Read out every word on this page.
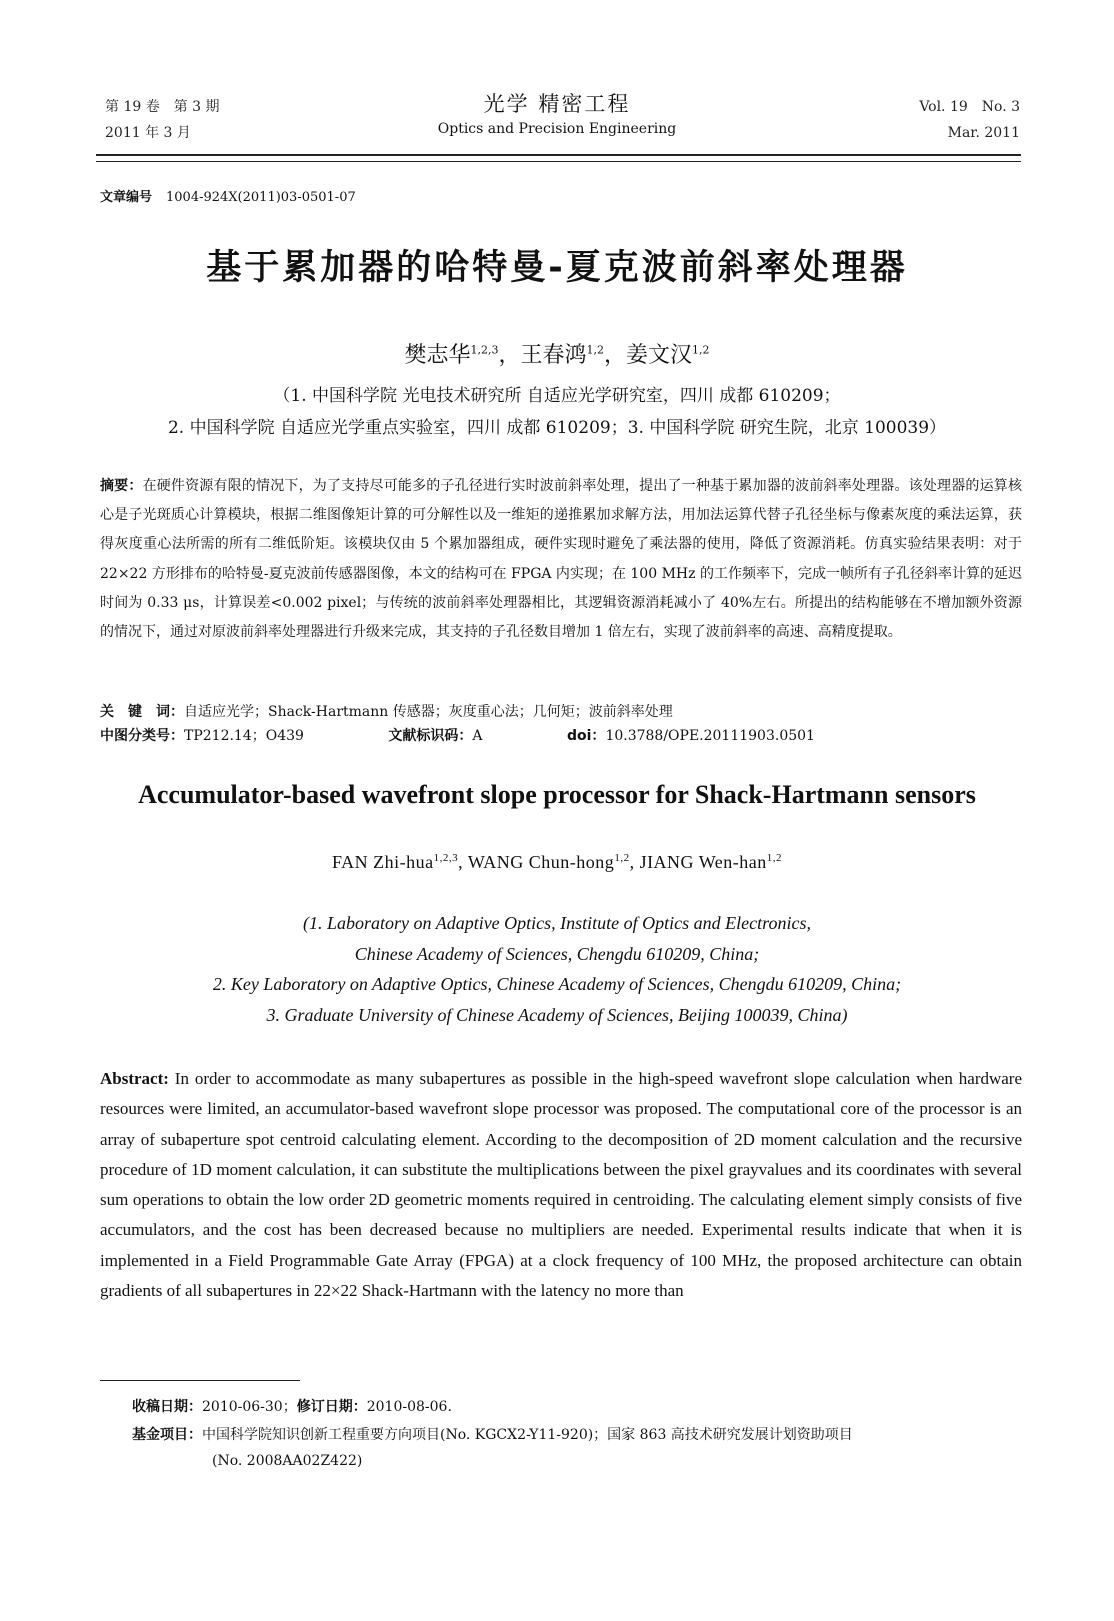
第 19 卷　第 3 期
2011 年 3 月
光学 精密工程
Optics and Precision Engineering
Vol. 19　No. 3
Mar. 2011
文章编号 1004-924X(2011)03-0501-07
基于累加器的哈特曼-夏克波前斜率处理器
樊志华$^{1,2,3}$，王春鸿$^{1,2}$，姜文汉$^{1,2}$
（1. 中国科学院 光电技术研究所 自适应光学研究室，四川 成都 610209；
2. 中国科学院 自适应光学重点实验室，四川 成都 610209；3. 中国科学院 研究生院，北京 100039）
摘要：在硬件资源有限的情况下，为了支持尽可能多的子孔径进行实时波前斜率处理，提出了一种基于累加器的波前斜率处理器。该处理器的运算核心是子光斑质心计算模块，根据二维图像矩计算的可分解性以及一维矩的递推累加求解方法，用加法运算代替子孔径坐标与像素灰度的乘法运算，获得灰度重心法所需的所有二维低阶矩。该模块仅由 5 个累加器组成，硬件实现时避免了乘法器的使用，降低了资源消耗。仿真实验结果表明：对于 22×22 方形排布的哈特曼-夏克波前传感器图像，本文的结构可在 FPGA 内实现；在 100 MHz 的工作频率下，完成一帧所有子孔径斜率计算的延迟时间为 0.33 μs，计算误差<0.002 pixel；与传统的波前斜率处理器相比，其逻辑资源消耗减小了 40%左右。所提出的结构能够在不增加额外资源的情况下，通过对原波前斜率处理器进行升级来完成，其支持的子孔径数目增加 1 倍左右，实现了波前斜率的高速、高精度提取。
关　键　词：自适应光学；Shack-Hartmann 传感器；灰度重心法；几何矩；波前斜率处理
中图分类号：TP212.14；O439	文献标识码：A	doi：10.3788/OPE.20111903.0501
Accumulator-based wavefront slope processor for Shack-Hartmann sensors
FAN Zhi-hua$^{1,2,3}$, WANG Chun-hong$^{1,2}$, JIANG Wen-han$^{1,2}$
(1. Laboratory on Adaptive Optics, Institute of Optics and Electronics,
Chinese Academy of Sciences, Chengdu 610209, China;
2. Key Laboratory on Adaptive Optics, Chinese Academy of Sciences, Chengdu 610209, China;
3. Graduate University of Chinese Academy of Sciences, Beijing 100039, China)
Abstract: In order to accommodate as many subapertures as possible in the high-speed wavefront slope calculation when hardware resources were limited, an accumulator-based wavefront slope processor was proposed. The computational core of the processor is an array of subaperture spot centroid calculating element. According to the decomposition of 2D moment calculation and the recursive procedure of 1D moment calculation, it can substitute the multiplications between the pixel grayvalues and its coordinates with several sum operations to obtain the low order 2D geometric moments required in centroiding. The calculating element simply consists of five accumulators, and the cost has been decreased because no multipliers are needed. Experimental results indicate that when it is implemented in a Field Programmable Gate Array (FPGA) at a clock frequency of 100 MHz, the proposed architecture can obtain gradients of all subapertures in 22×22 Shack-Hartmann with the latency no more than
收稿日期：2010-06-30；修订日期：2010-08-06.
基金项目：中国科学院知识创新工程重要方向项目(No. KGCX2-Y11-920)；国家 863 高技术研究发展计划资助项目
(No. 2008AA02Z422)
